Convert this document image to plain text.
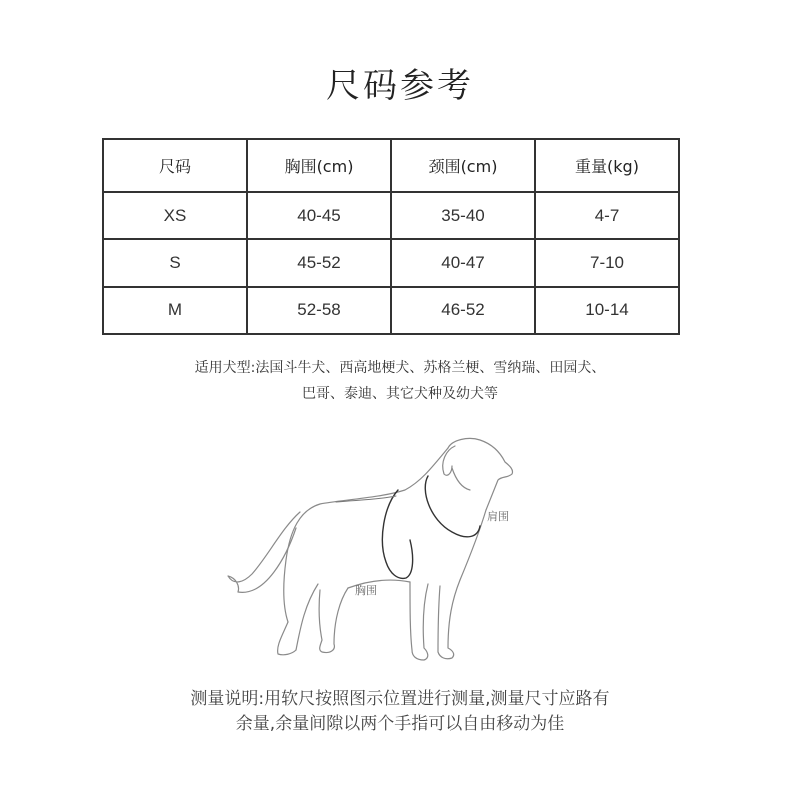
尺码参考
尺码	胸围(cm)	颈围(cm)	重量(kg)
XS	40-45	35-40	4-7
S	45-52	40-47	7-10
M	52-58	46-52	10-14
适用犬型:法国斗牛犬、西高地梗犬、苏格兰梗、雪纳瑞、田园犬、
巴哥、泰迪、其它犬种及幼犬等
肩围
胸围
测量说明:用软尺按照图示位置进行测量,测量尺寸应路有
余量,余量间隙以两个手指可以自由移动为佳
